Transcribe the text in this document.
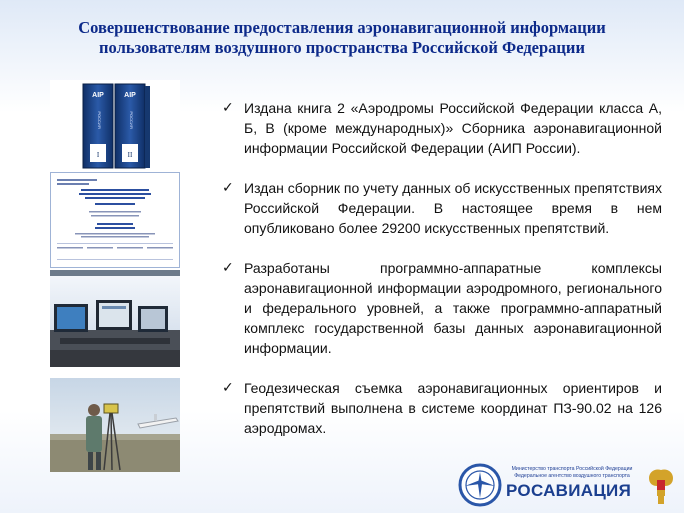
Совершенствование предоставления аэронавигационной информации
пользователям воздушного пространства Российской Федерации
AIP	AIP
РОССИЯ	РОССИЯ
I	II
✓ Издана книга 2 «Аэродромы Российской Федерации класса А, Б, В (кроме международных)» Сборника аэронавигационной информации Российской Федерации (АИП России).
✓ Издан сборник по учету данных об искусственных препятствиях Российской Федерации. В настоящее время в нем опубликовано более 29200 искусственных препятствий.
✓ Разработаны программно-аппаратные комплексы аэронавигационной информации аэродромного, регионального и федерального уровней, а также программно-аппаратный комплекс государственной базы данных аэронавигационной информации.
✓ Геодезическая съемка аэронавигационных ориентиров и препятствий выполнена в системе координат ПЗ-90.02 на 126 аэродромах.
Министерство транспорта Российской Федерации
Федеральное агентство воздушного транспорта
РОСАВИАЦИЯ
